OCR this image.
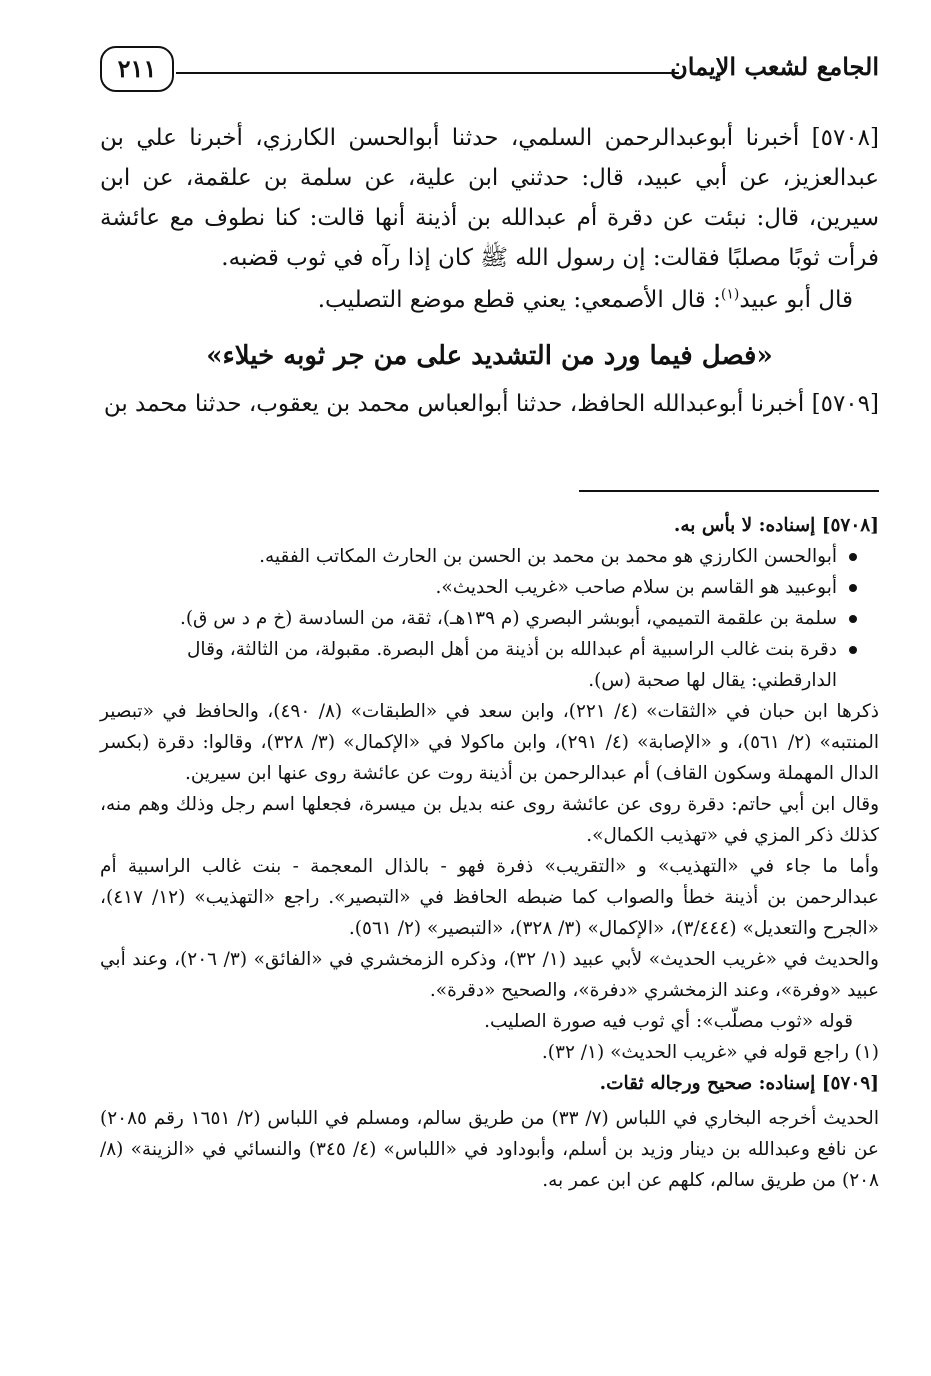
الجامع لشعب الإيمان
٢١١

[٥٧٠٨] أخبرنا أبوعبدالرحمن السلمي، حدثنا أبوالحسن الكارزي، أخبرنا علي بن عبدالعزيز، عن أبي عبيد، قال: حدثني ابن علية، عن سلمة بن علقمة، عن ابن سيرين، قال: نبئت عن دقرة أم عبدالله بن أذينة أنها قالت: كنا نطوف مع عائشة فرأت ثوبًا مصلبًا فقالت: إن رسول الله ﷺ كان إذا رآه في ثوب قضبه.

قال أبو عبيد$^{(١)}$: قال الأصمعي: يعني قطع موضع التصليب.

«فصل فيما ورد من التشديد على من جر ثوبه خيلاء»

[٥٧٠٩] أخبرنا أبوعبدالله الحافظ، حدثنا أبوالعباس محمد بن يعقوب، حدثنا محمد بن

[٥٧٠٨] إسناده: لا بأس به.

أبوالحسن الكارزي هو محمد بن محمد بن الحسن بن الحارث المكاتب الفقيه.
أبوعبيد هو القاسم بن سلام صاحب «غريب الحديث».
سلمة بن علقمة التميمي، أبوبشر البصري (م ١٣٩هـ)، ثقة، من السادسة (خ م د س ق).
دقرة بنت غالب الراسبية أم عبدالله بن أذينة من أهل البصرة. مقبولة، من الثالثة، وقال الدارقطني: يقال لها صحبة (س).

ذكرها ابن حبان في «الثقات» (٤/ ٢٢١)، وابن سعد في «الطبقات» (٨/ ٤٩٠)، والحافظ في «تبصير المنتبه» (٢/ ٥٦١)، و «الإصابة» (٤/ ٢٩١)، وابن ماكولا في «الإكمال» (٣/ ٣٢٨)، وقالوا: دقرة (بكسر الدال المهملة وسكون القاف) أم عبدالرحمن بن أذينة روت عن عائشة روى عنها ابن سيرين.

وقال ابن أبي حاتم: دقرة روى عن عائشة روى عنه بديل بن ميسرة، فجعلها اسم رجل وذلك وهم منه، كذلك ذكر المزي في «تهذيب الكمال».

وأما ما جاء في «التهذيب» و «التقريب» ذفرة فهو - بالذال المعجمة - بنت غالب الراسبية أم عبدالرحمن بن أذينة خطأ والصواب كما ضبطه الحافظ في «التبصير». راجع «التهذيب» (١٢/ ٤١٧)، «الجرح والتعديل» (٣/٤٤٤)، «الإكمال» (٣/ ٣٢٨)، «التبصير» (٢/ ٥٦١).

والحديث في «غريب الحديث» لأبي عبيد (١/ ٣٢)، وذكره الزمخشري في «الفائق» (٣/ ٢٠٦)، وعند أبي عبيد «وفرة»، وعند الزمخشري «دفرة»، والصحيح «دقرة».

قوله «ثوب مصلّب»: أي ثوب فيه صورة الصليب.

(١) راجع قوله في «غريب الحديث» (١/ ٣٢).

[٥٧٠٩] إسناده: صحيح ورجاله ثقات.

الحديث أخرجه البخاري في اللباس (٧/ ٣٣) من طريق سالم، ومسلم في اللباس (٢/ ١٦٥١ رقم ٢٠٨٥) عن نافع وعبدالله بن دينار وزيد بن أسلم، وأبوداود في «اللباس» (٤/ ٣٤٥) والنسائي في «الزينة» (٨/ ٢٠٨) من طريق سالم، كلهم عن ابن عمر به.
